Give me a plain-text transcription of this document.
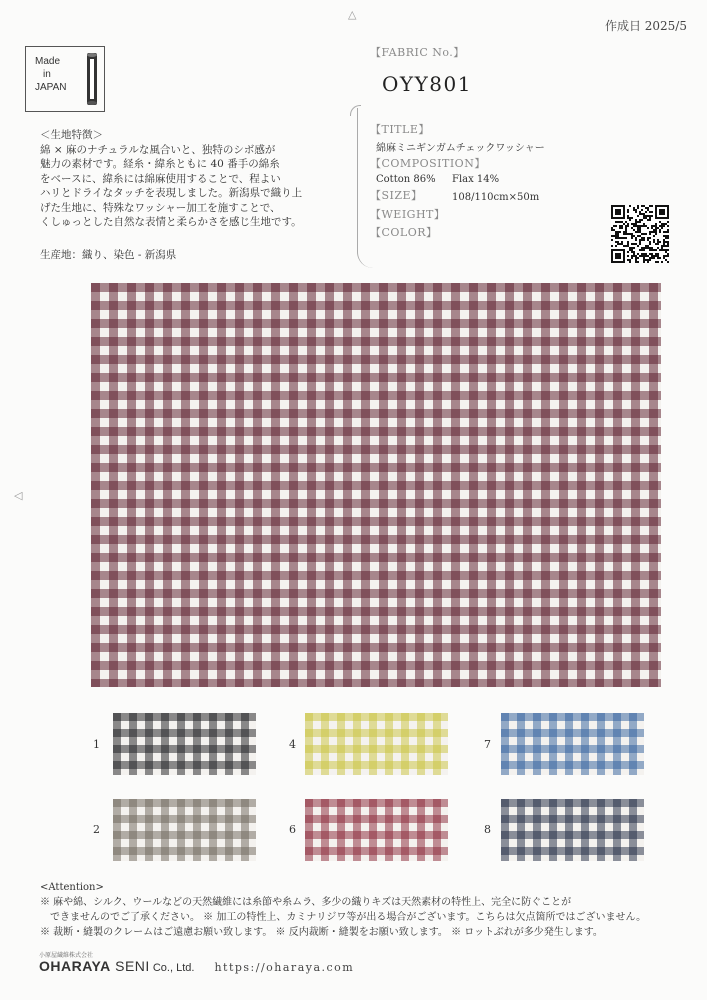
△
◁
作成日 2025/5
Made
in
JAPAN
【FABRIC No.】
OYY801
【TITLE】
綿麻ミニギンガムチェックワッシャー
【COMPOSITION】
Cotton 86% Flax 14%
【SIZE】	108/110cm×50m
【WEIGHT】
【COLOR】
＜生地特徴＞
綿 × 麻のナチュラルな風合いと、独特のシボ感が
魅力の素材です。経糸・緯糸ともに 40 番手の綿糸
をベースに、緯糸には綿麻使用することで、程よい
ハリとドライなタッチを表現しました。新潟県で織り上
げた生地に、特殊なワッシャー加工を施すことで、
くしゅっとした自然な表情と柔らかさを感じ生地です。
生産地：織り、染色 - 新潟県
1
2
4
6
7
8
<Attention>
※ 麻や綿、シルク、ウールなどの天然繊維には糸節や糸ムラ、多少の織りキズは天然素材の特性上、完全に防ぐことが
　できませんのでご了承ください。 ※ 加工の特性上、カミナリジワ等が出る場合がございます。こちらは欠点箇所ではございません。
※ 裁断・縫製のクレームはご遠慮お願い致します。 ※ 反内裁断・縫製をお願い致します。 ※ ロットぶれが多少発生します。
小原屋繊維株式会社
OHARAYA SENI Co., Ltd. https://oharaya.com
